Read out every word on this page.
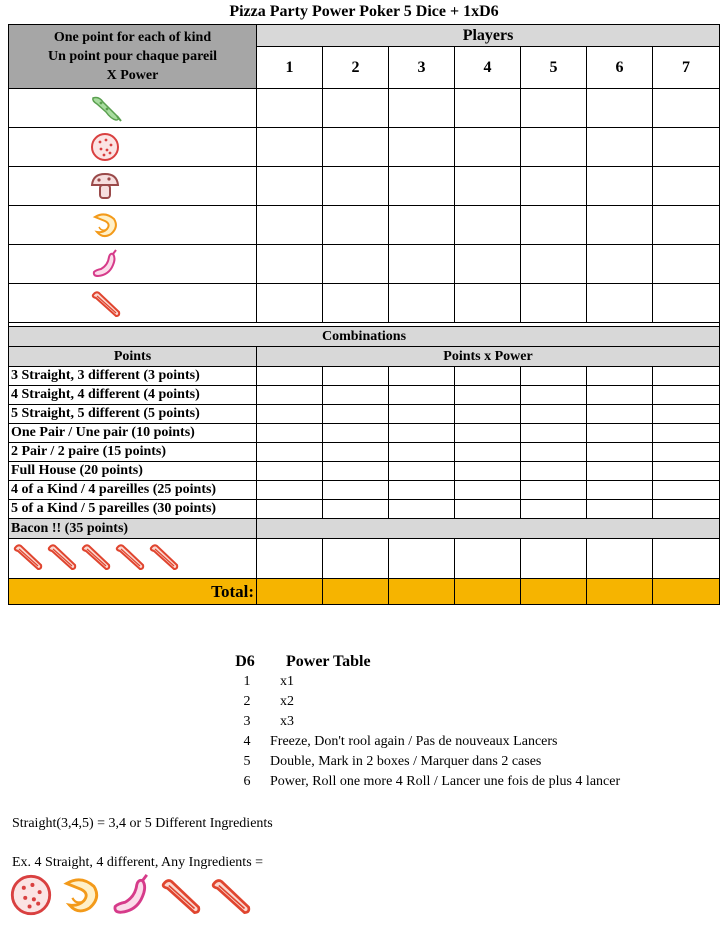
Pizza Party Power Poker 5 Dice + 1xD6
One point for each of kind
Un point pour chaque pareil
X Power	Players						
	1	2	3	4	5	6	7

Combinations							
Points	Points x Power						
3 Straight, 3 different (3 points)							
4 Straight, 4 different (4 points)							
5 Straight, 5 different (5 points)							
One Pair / Une pair (10 points)							
2 Pair / 2 paire (15 points)							
Full House (20 points)							
4 of a Kind / 4 pareilles (25 points)							
5 of a Kind / 5 pareilles (30 points)							
Bacon !! (35 points)							

Total:							
D6 Power Table
1 x1
2 x2
3 x3
4 Freeze, Don't rool again / Pas de nouveaux Lancers
5 Double, Mark in 2 boxes / Marquer dans 2 cases
6 Power, Roll one more 4 Roll / Lancer une fois de plus 4 lancer
Straight(3,4,5) = 3,4 or 5 Different Ingredients
Ex. 4 Straight, 4 different, Any Ingredients =
